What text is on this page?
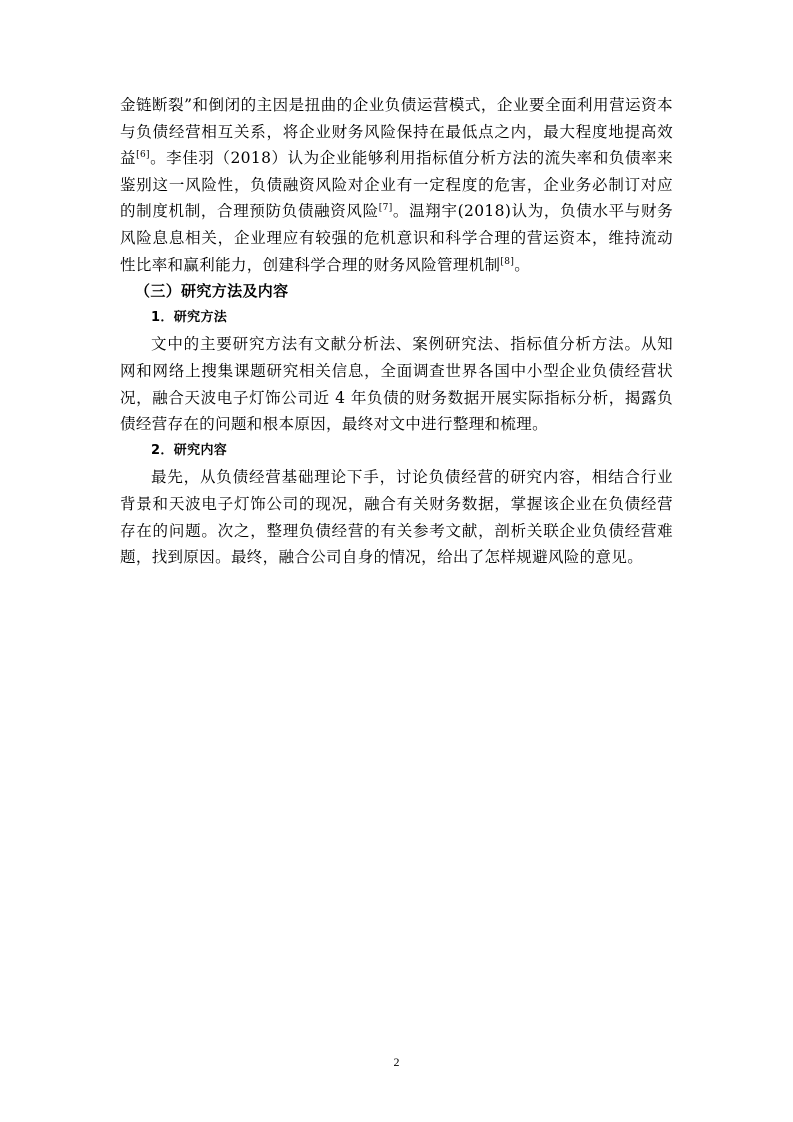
金链断裂”和倒闭的主因是扭曲的企业负债运营模式，企业要全面利用营运资本与负债经营相互关系，将企业财务风险保持在最低点之内，最大程度地提高效益[6]。李佳羽（2018）认为企业能够利用指标值分析方法的流失率和负债率来鉴别这一风险性，负债融资风险对企业有一定程度的危害，企业务必制订对应的制度机制，合理预防负债融资风险[7]。温翔宇(2018)认为，负债水平与财务风险息息相关，企业理应有较强的危机意识和科学合理的营运资本，维持流动性比率和赢利能力，创建科学合理的财务风险管理机制[8]。

（三）研究方法及内容

1．研究方法

文中的主要研究方法有文献分析法、案例研究法、指标值分析方法。从知网和网络上搜集课题研究相关信息，全面调查世界各国中小型企业负债经营状况，融合天波电子灯饰公司近 4 年负债的财务数据开展实际指标分析，揭露负债经营存在的问题和根本原因，最终对文中进行整理和梳理。

2．研究内容

最先，从负债经营基础理论下手，讨论负债经营的研究内容，相结合行业背景和天波电子灯饰公司的现况，融合有关财务数据，掌握该企业在负债经营存在的问题。次之，整理负债经营的有关参考文献，剖析关联企业负债经营难题，找到原因。最终，融合公司自身的情况，给出了怎样规避风险的意见。

2
